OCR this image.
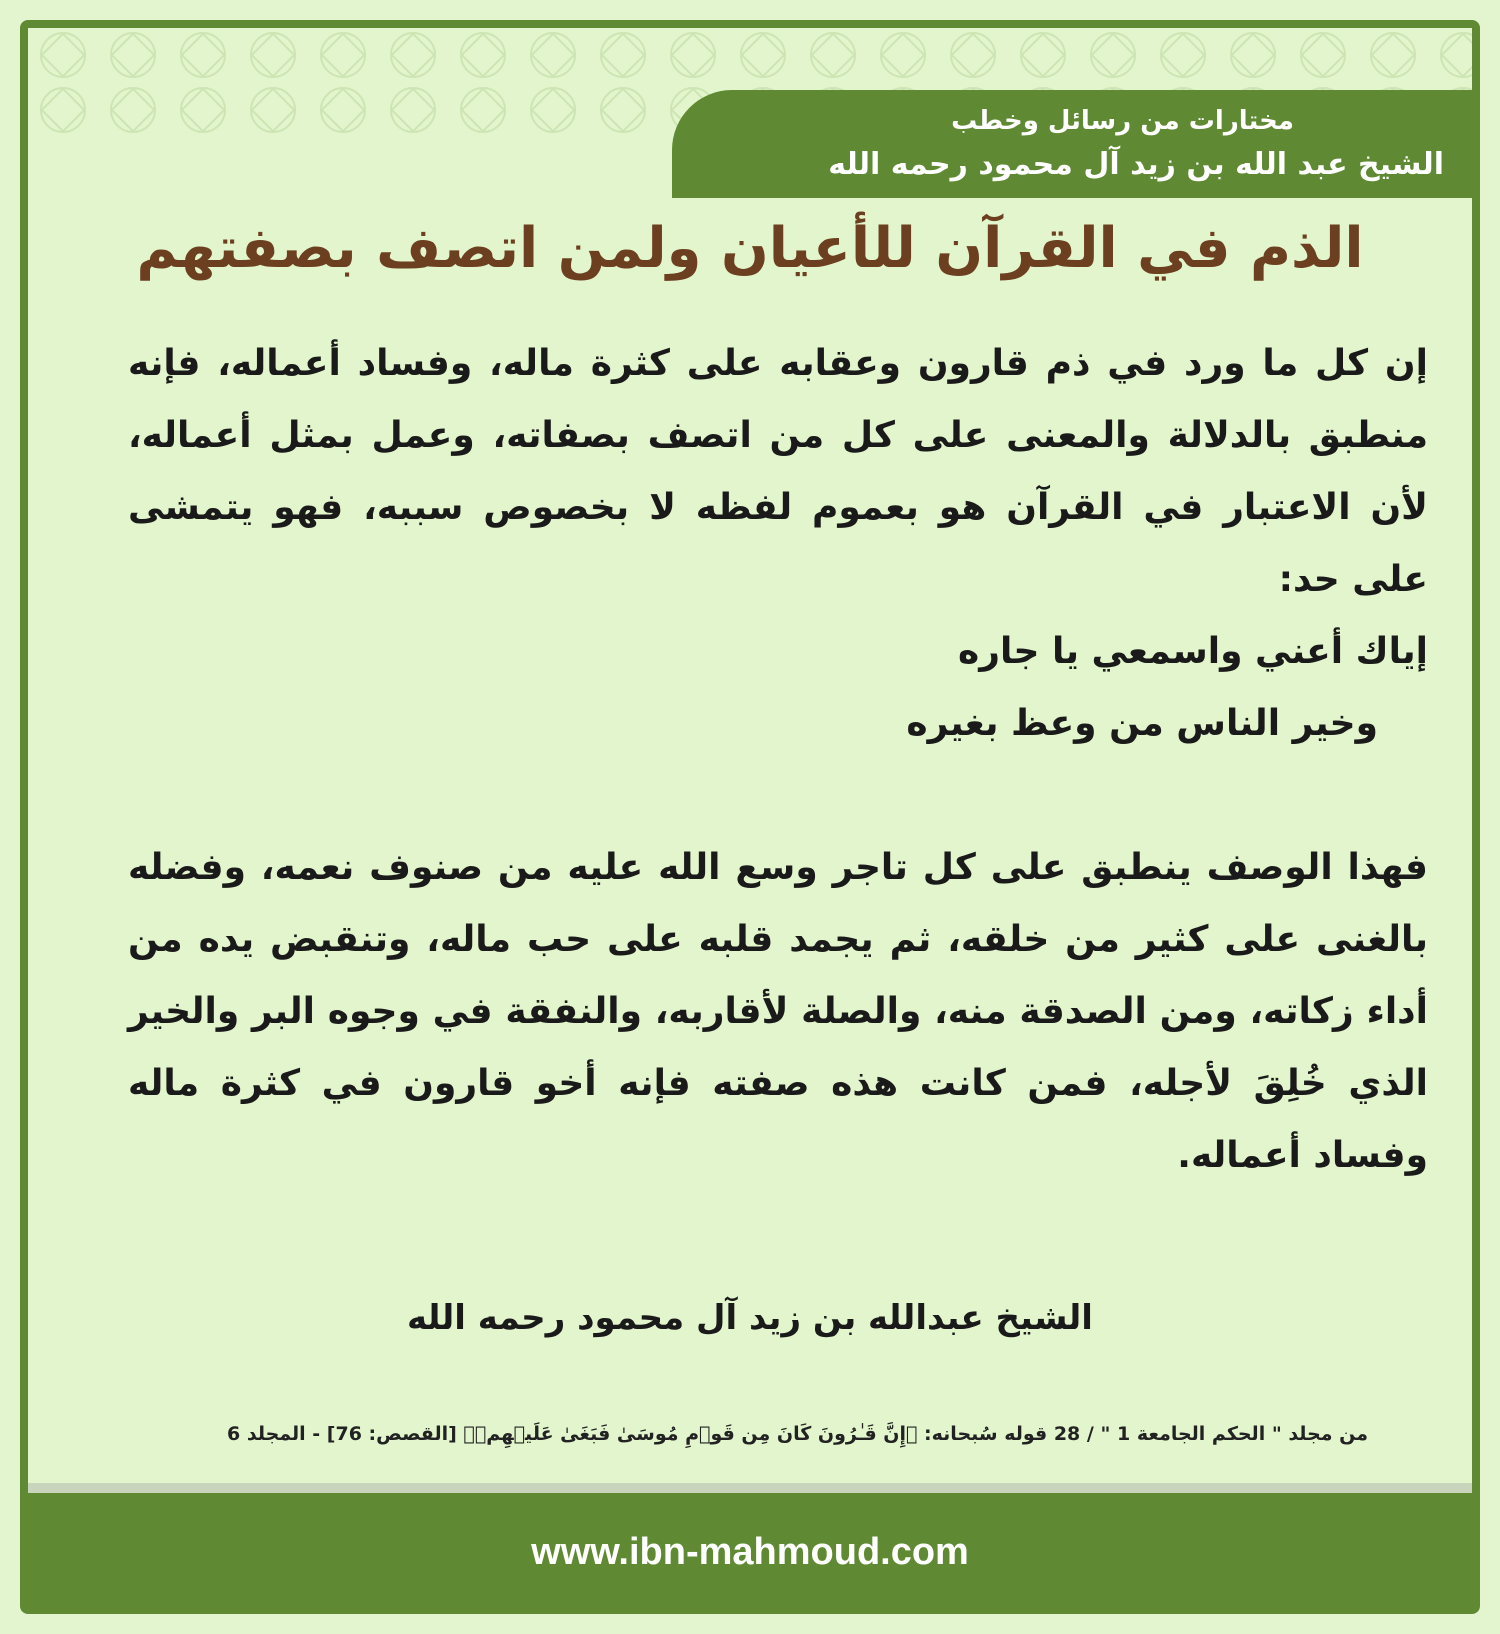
مختارات من رسائل وخطب
الشيخ عبد الله بن زيد آل محمود رحمه الله
الذم في القرآن للأعيان ولمن اتصف بصفتهم

إن كل ما ورد في ذم قارون وعقابه على كثرة ماله، وفساد أعماله، فإنه منطبق بالدلالة والمعنى على كل من اتصف بصفاته، وعمل بمثل أعماله، لأن الاعتبار في القرآن هو بعموم لفظه لا بخصوص سببه، فهو يتمشى على حد:

إياك أعني واسمعي يا جاره

وخير الناس من وعظ بغيره

فهذا الوصف ينطبق على كل تاجر وسع الله عليه من صنوف نعمه، وفضله بالغنى على كثير من خلقه، ثم يجمد قلبه على حب ماله، وتنقبض يده من أداء زكاته، ومن الصدقة منه، والصلة لأقاربه، والنفقة في وجوه البر والخير الذي خُلِقَ لأجله، فمن كانت هذه صفته فإنه أخو قارون في كثرة ماله وفساد أعماله.

الشيخ عبدالله بن زيد آل محمود رحمه الله
من مجلد " الحكم الجامعة 1 " / 28 قوله سُبحانه: ﴿إِنَّ قَـٰرُونَ كَانَ مِن قَوۡمِ مُوسَىٰ فَبَغَىٰ عَلَيۡهِمۡ﴾ [القصص: 76] - المجلد 6
www.ibn-mahmoud.com
